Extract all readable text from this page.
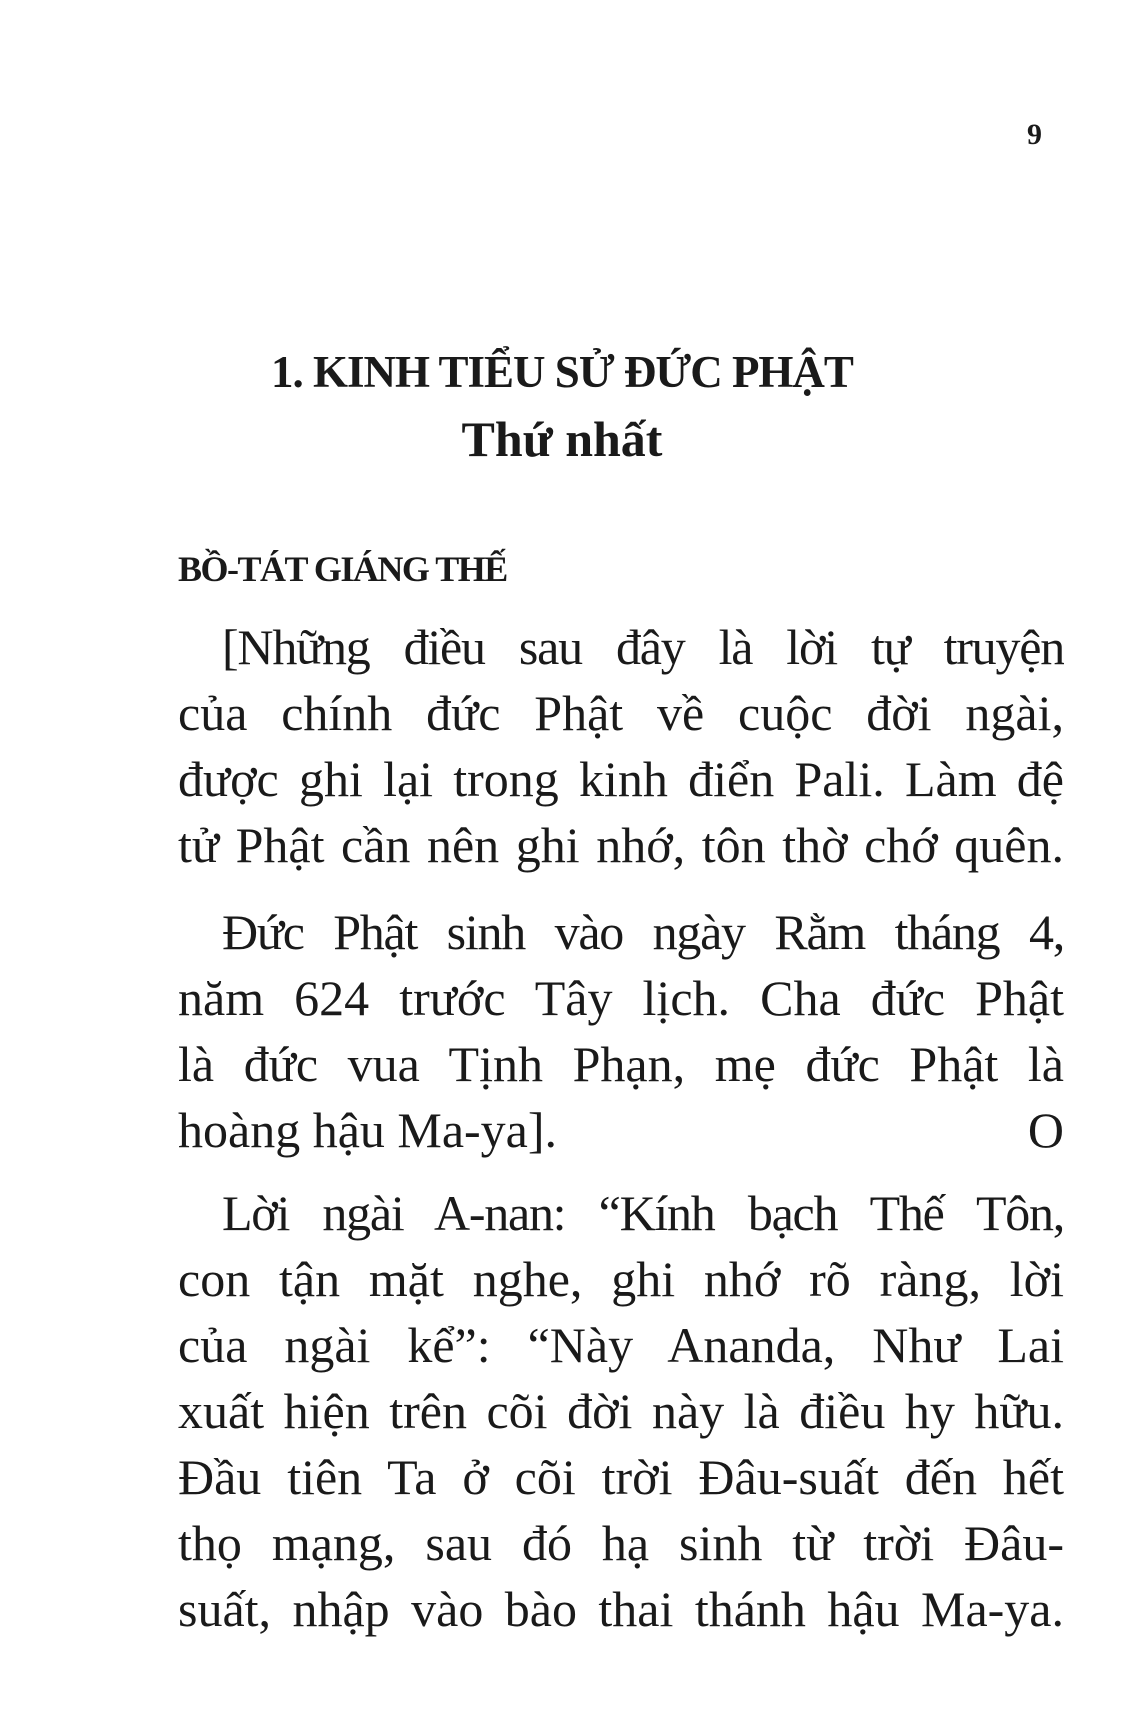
9
1. KINH TIỂU SỬ ĐỨC PHẬT
Thứ nhất
BỒ-TÁT GIÁNG THẾ
[Những điều sau đây là lời tự truyện
của chính đức Phật về cuộc đời ngài,
được ghi lại trong kinh điển Pali. Làm đệ
tử Phật cần nên ghi nhớ, tôn thờ chớ quên.
Đức Phật sinh vào ngày Rằm tháng 4,
năm 624 trước Tây lịch. Cha đức Phật
là đức vua Tịnh Phạn, mẹ đức Phật là
hoàng hậu Ma-ya].	O
Lời ngài A-nan: “Kính bạch Thế Tôn,
con tận mặt nghe, ghi nhớ rõ ràng, lời
của ngài kể”: “Này Ananda, Như Lai
xuất hiện trên cõi đời này là điều hy hữu.
Đầu tiên Ta ở cõi trời Đâu-suất đến hết
thọ mạng, sau đó hạ sinh từ trời Đâu-
suất, nhập vào bào thai thánh hậu Ma-ya.
